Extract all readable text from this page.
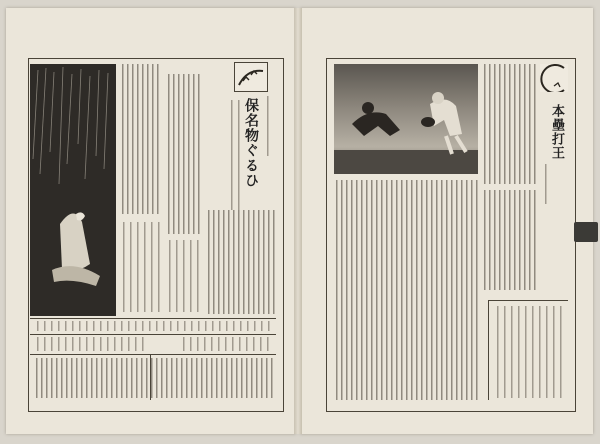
保名物ぐるひ	本壘打王
